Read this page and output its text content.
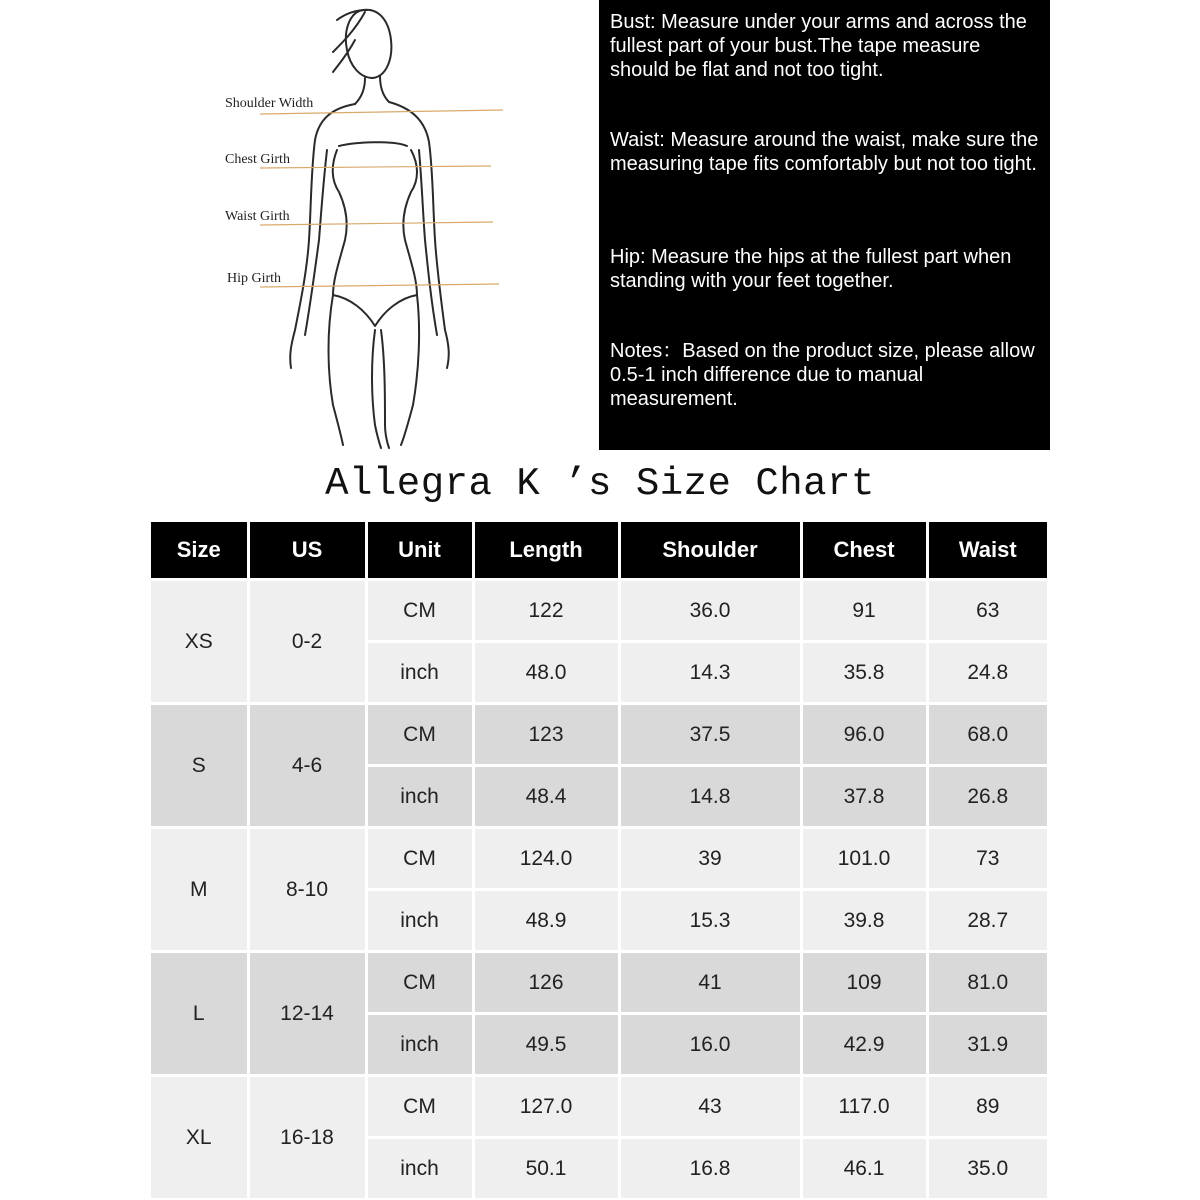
Shoulder Width
Chest Girth
Waist Girth
Hip Girth

Bust: Measure under your arms and across the fullest part of your bust.The tape measure should be flat and not too tight.

Waist: Measure around the waist, make sure the measuring tape fits comfortably but not too tight.

Hip: Measure the hips at the fullest part when standing with your feet together.

Notes：Based on the product size, please allow 0.5-1 inch difference due to manual measurement.

Allegra K ’s Size Chart
Size	US	Unit	Length	Shoulder	Chest	Waist
XS	0-2	CM	122	36.0	91	63
		inch	48.0	14.3	35.8	24.8
S	4-6	CM	123	37.5	96.0	68.0
		inch	48.4	14.8	37.8	26.8
M	8-10	CM	124.0	39	101.0	73
		inch	48.9	15.3	39.8	28.7
L	12-14	CM	126	41	109	81.0
		inch	49.5	16.0	42.9	31.9
XL	16-18	CM	127.0	43	117.0	89
		inch	50.1	16.8	46.1	35.0
